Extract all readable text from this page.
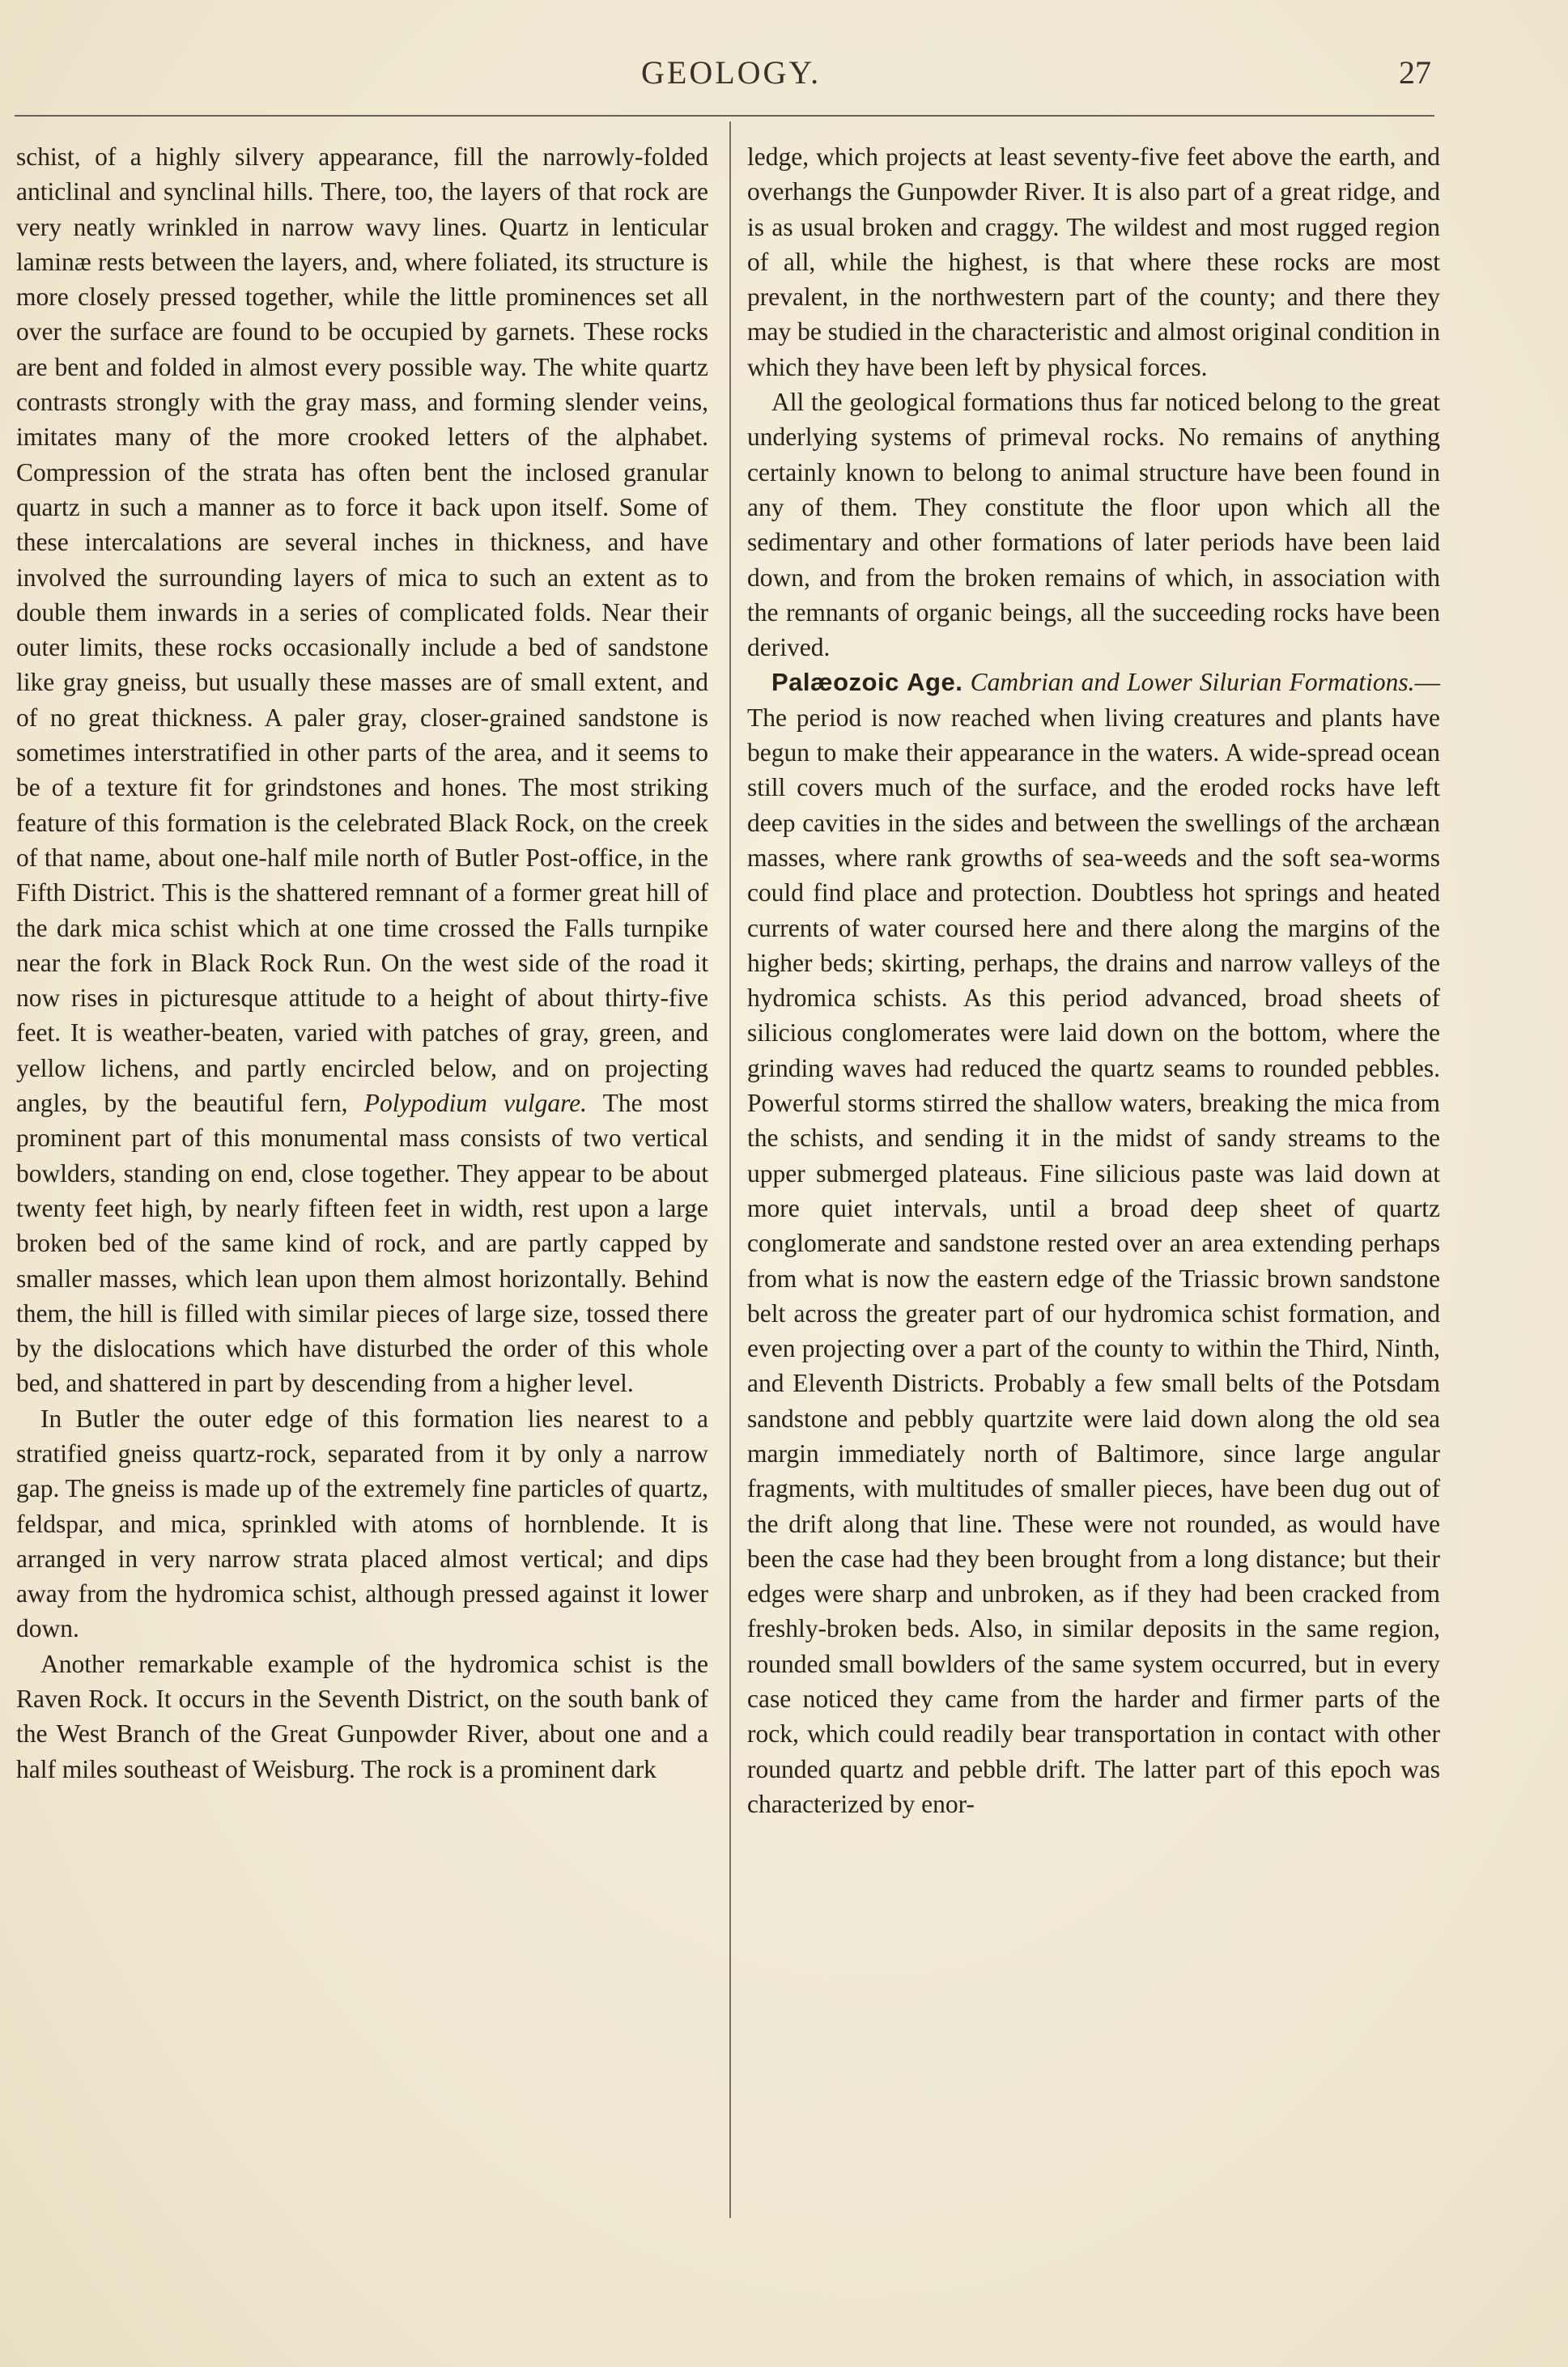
GEOLOGY.	27

schist, of a highly silvery appearance, fill the narrowly-folded anticlinal and synclinal hills. There, too, the layers of that rock are very neatly wrinkled in narrow wavy lines. Quartz in lenticular laminæ rests between the layers, and, where foliated, its structure is more closely pressed together, while the little prominences set all over the surface are found to be occupied by garnets. These rocks are bent and folded in almost every possible way. The white quartz contrasts strongly with the gray mass, and forming slender veins, imitates many of the more crooked letters of the alphabet. Compression of the strata has often bent the inclosed granular quartz in such a manner as to force it back upon itself. Some of these intercalations are several inches in thickness, and have involved the surrounding layers of mica to such an extent as to double them inwards in a series of complicated folds. Near their outer limits, these rocks occasionally include a bed of sandstone like gray gneiss, but usually these masses are of small extent, and of no great thickness. A paler gray, closer-grained sandstone is sometimes interstratified in other parts of the area, and it seems to be of a texture fit for grindstones and hones. The most striking feature of this formation is the celebrated Black Rock, on the creek of that name, about one-half mile north of Butler Post-office, in the Fifth District. This is the shattered remnant of a former great hill of the dark mica schist which at one time crossed the Falls turnpike near the fork in Black Rock Run. On the west side of the road it now rises in picturesque attitude to a height of about thirty-five feet. It is weather-beaten, varied with patches of gray, green, and yellow lichens, and partly encircled below, and on projecting angles, by the beautiful fern, Polypodium vulgare. The most prominent part of this monumental mass consists of two vertical bowlders, standing on end, close together. They appear to be about twenty feet high, by nearly fifteen feet in width, rest upon a large broken bed of the same kind of rock, and are partly capped by smaller masses, which lean upon them almost horizontally. Behind them, the hill is filled with similar pieces of large size, tossed there by the dislocations which have disturbed the order of this whole bed, and shattered in part by descending from a higher level.

In Butler the outer edge of this formation lies nearest to a stratified gneiss quartz-rock, separated from it by only a narrow gap. The gneiss is made up of the extremely fine particles of quartz, feldspar, and mica, sprinkled with atoms of hornblende. It is arranged in very narrow strata placed almost vertical; and dips away from the hydromica schist, although pressed against it lower down.

Another remarkable example of the hydromica schist is the Raven Rock. It occurs in the Seventh District, on the south bank of the West Branch of the Great Gunpowder River, about one and a half miles southeast of Weisburg. The rock is a prominent dark

ledge, which projects at least seventy-five feet above the earth, and overhangs the Gunpowder River. It is also part of a great ridge, and is as usual broken and craggy. The wildest and most rugged region of all, while the highest, is that where these rocks are most prevalent, in the northwestern part of the county; and there they may be studied in the characteristic and almost original condition in which they have been left by physical forces.

All the geological formations thus far noticed belong to the great underlying systems of primeval rocks. No remains of anything certainly known to belong to animal structure have been found in any of them. They constitute the floor upon which all the sedimentary and other formations of later periods have been laid down, and from the broken remains of which, in association with the remnants of organic beings, all the succeeding rocks have been derived.

Palæozoic Age. Cambrian and Lower Silurian Formations.—The period is now reached when living creatures and plants have begun to make their appearance in the waters. A wide-spread ocean still covers much of the surface, and the eroded rocks have left deep cavities in the sides and between the swellings of the archæan masses, where rank growths of sea-weeds and the soft sea-worms could find place and protection. Doubtless hot springs and heated currents of water coursed here and there along the margins of the higher beds; skirting, perhaps, the drains and narrow valleys of the hydromica schists. As this period advanced, broad sheets of silicious conglomerates were laid down on the bottom, where the grinding waves had reduced the quartz seams to rounded pebbles. Powerful storms stirred the shallow waters, breaking the mica from the schists, and sending it in the midst of sandy streams to the upper submerged plateaus. Fine silicious paste was laid down at more quiet intervals, until a broad deep sheet of quartz conglomerate and sandstone rested over an area extending perhaps from what is now the eastern edge of the Triassic brown sandstone belt across the greater part of our hydromica schist formation, and even projecting over a part of the county to within the Third, Ninth, and Eleventh Districts. Probably a few small belts of the Potsdam sandstone and pebbly quartzite were laid down along the old sea margin immediately north of Baltimore, since large angular fragments, with multitudes of smaller pieces, have been dug out of the drift along that line. These were not rounded, as would have been the case had they been brought from a long distance; but their edges were sharp and unbroken, as if they had been cracked from freshly-broken beds. Also, in similar deposits in the same region, rounded small bowlders of the same system occurred, but in every case noticed they came from the harder and firmer parts of the rock, which could readily bear transportation in contact with other rounded quartz and pebble drift. The latter part of this epoch was characterized by enor-
